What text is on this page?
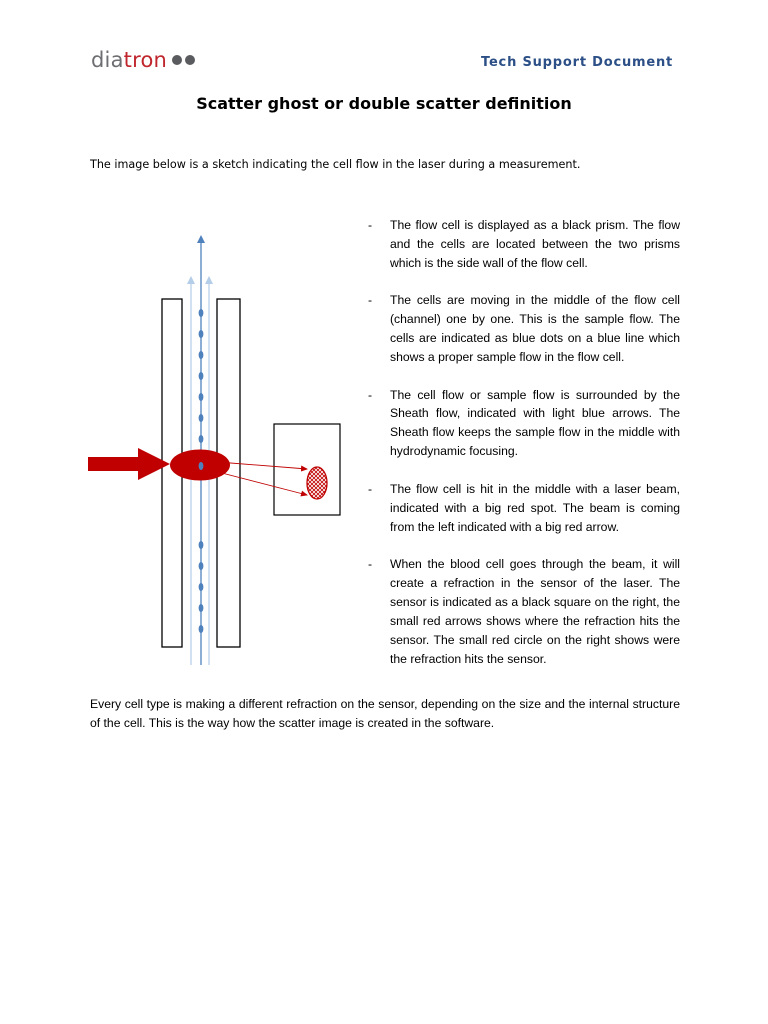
dia tron	Tech Support Document
Scatter ghost or double scatter definition
The image below is a sketch indicating the cell flow in the laser during a measurement.
- The flow cell is displayed as a black prism. The flow and the cells are located between the two prisms which is the side wall of the flow cell.
- The cells are moving in the middle of the flow cell (channel) one by one. This is the sample flow. The cells are indicated as blue dots on a blue line which shows a proper sample flow in the flow cell.
- The cell flow or sample flow is surrounded by the Sheath flow, indicated with light blue arrows. The Sheath flow keeps the sample flow in the middle with hydrodynamic focusing.
- The flow cell is hit in the middle with a laser beam, indicated with a big red spot. The beam is coming from the left indicated with a big red arrow.
- When the blood cell goes through the beam, it will create a refraction in the sensor of the laser. The sensor is indicated as a black square on the right, the small red arrows shows where the refraction hits the sensor. The small red circle on the right shows were the refraction hits the sensor.

Every cell type is making a different refraction on the sensor, depending on the size and the internal structure of the cell. This is the way how the scatter image is created in the software.
